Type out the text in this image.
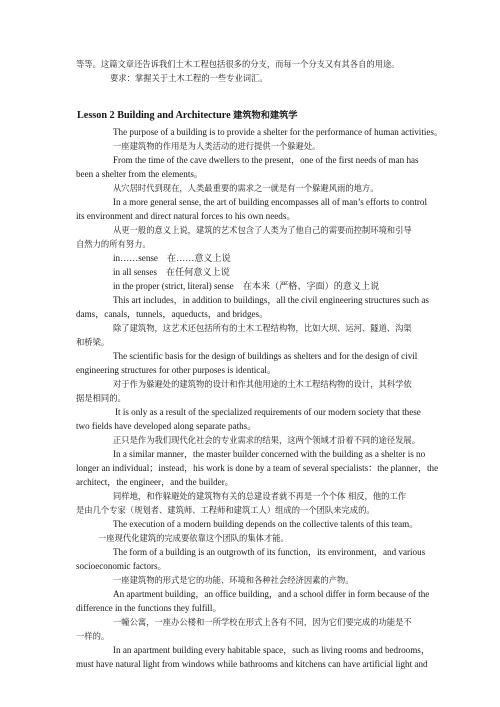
等等。这篇文章还告诉我们土木工程包括很多的分支，而每一个分支又有其各自的用途。
要求：掌握关于土木工程的一些专业词汇。
Lesson 2 Building and Architecture 建筑物和建筑学
The purpose of a building is to provide a shelter for the performance of human activities。
一座建筑物的作用是为人类活动的进行提供一个躲避处。
From the time of the cave dwellers to the present，one of the first needs of man has
been a shelter from the elements。
从穴居时代到现在，人类最重要的需求之一就是有一个躲避风雨的地方。
In a more general sense, the art of building encompasses all of man’s efforts to control
its environment and direct natural forces to his own needs。
从更一般的意义上说，建筑的艺术包含了人类为了他自己的需要而控制环境和引导
自然力的所有努力。
in……sense　在……意义上说
in all senses　在任何意义上说
in the proper (strict, literal) sense　在本来（严格、字面）的意义上说
This art includes，in addition to buildings，all the civil engineering structures such as
dams，canals，tunnels，aqueducts，and bridges。
除了建筑物，这艺术还包括所有的土木工程结构物，比如大坝、运河、隧道、沟渠
和桥梁。
The scientific basis for the design of buildings as shelters and for the design of civil
engineering structures for other purposes is identical。
对于作为躲避处的建筑物的设计和作其他用途的土木工程结构物的设计，其科学依
据是相同的。
It is only as a result of the specialized requirements of our modern society that these
two fields have developed along separate paths。
正只是作为我们现代化社会的专业需求的结果，这两个领域才沿着不同的途径发展。
In a similar manner，the master builder concerned with the building as a shelter is no
longer an individual；instead，his work is done by a team of several specialists：the planner，the
architect，the engineer，and the builder。
同样地，和作躲避处的建筑物有关的总建设者就不再是一个个体 相反，他的工作
是由几个专家（规划者、建筑师、工程师和建筑工人）组成的一个团队来完成的。
The execution of a modern building depends on the collective talents of this team。
一座现代化建筑的完成要依靠这个团队的集体才能。
The form of a building is an outgrowth of its function，its environment，and various
socioeconomic factors。
一座建筑物的形式是它的功能、环境和各种社会经济因素的产物。
An apartment building，an office building，and a school differ in form because of the
difference in the functions they fulfill。
一幢公寓，一座办公楼和一所学校在形式上各有不同，因为它们要完成的功能是不
一样的。
In an apartment building every habitable space，such as living rooms and bedrooms，
must have natural light from windows while bathrooms and kitchens can have artificial light and
